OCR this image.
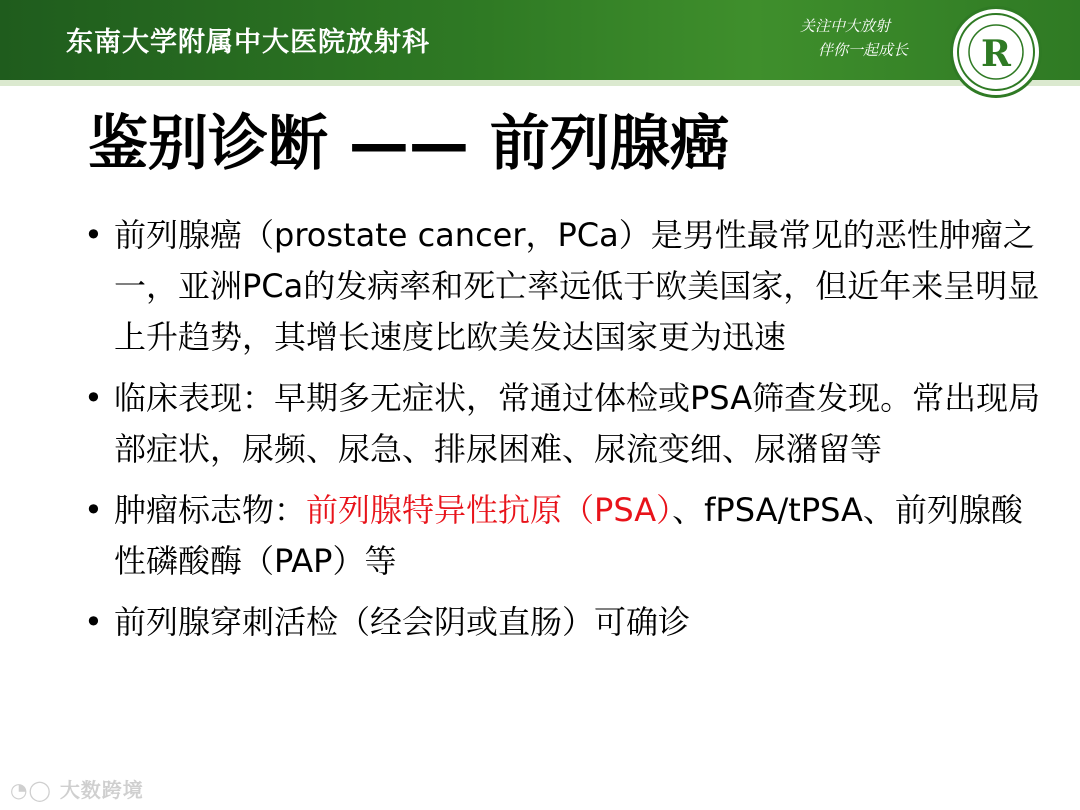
东南大学附属中大医院放射科
关注中大放射
伴你一起成长 R
鉴别诊断 —— 前列腺癌
• 前列腺癌（prostate cancer，PCa）是男性最常见的恶性肿瘤之一，亚洲PCa的发病率和死亡率远低于欧美国家，但近年来呈明显上升趋势，其增长速度比欧美发达国家更为迅速
• 临床表现：早期多无症状，常通过体检或PSA筛查发现。常出现局部症状，尿频、尿急、排尿困难、尿流变细、尿潴留等
• 肿瘤标志物：前列腺特异性抗原（PSA）、fPSA/tPSA、前列腺酸性磷酸酶（PAP）等
• 前列腺穿刺活检（经会阴或直肠）可确诊
◔◯ 大数跨境
